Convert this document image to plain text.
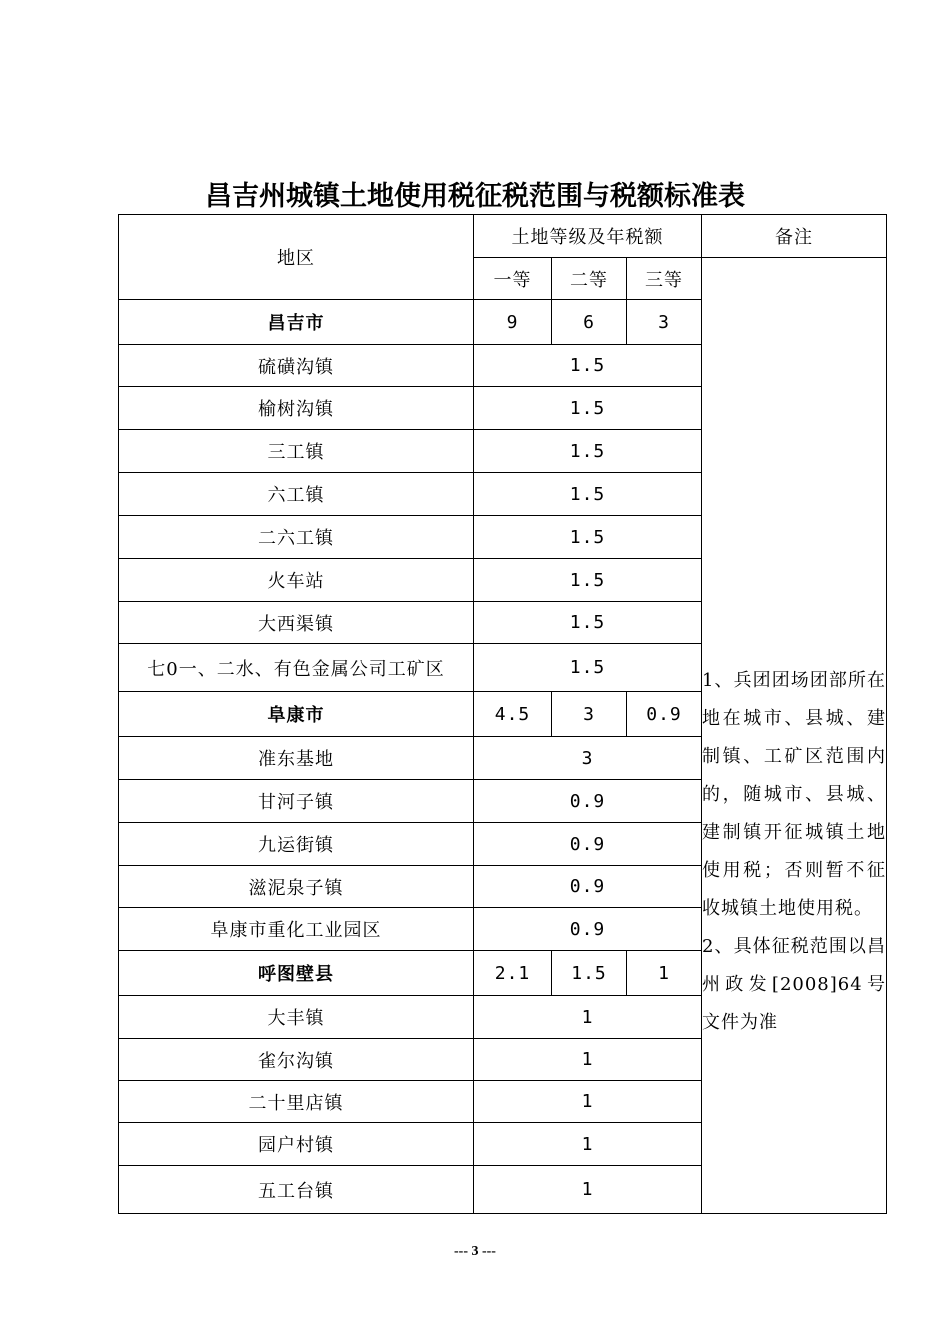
昌吉州城镇土地使用税征税范围与税额标准表
地区	土地等级及年税额			备注
	一等	二等	三等	1、兵团团场团部所在地在城市、县城、建制镇、工矿区范围内的，随城市、县城、建制镇开征城镇土地使用税；否则暂不征收城镇土地使用税。

2、具体征税范围以昌州政发[2008]64号 文件为准

昌吉市	9	6	3	
硫磺沟镇	1.5			
榆树沟镇	1.5			
三工镇	1.5			
六工镇	1.5			
二六工镇	1.5			
火车站	1.5			
大西渠镇	1.5			
七0一、二水、有色金属公司工矿区	1.5			
阜康市	4.5	3	0.9	
准东基地	3			
甘河子镇	0.9			
九运街镇	0.9			
滋泥泉子镇	0.9			
阜康市重化工业园区	0.9			
呼图壁县	2.1	1.5	1	
大丰镇	1			
雀尔沟镇	1			
二十里店镇	1			
园户村镇	1			
五工台镇	1			
--- 3 ---
